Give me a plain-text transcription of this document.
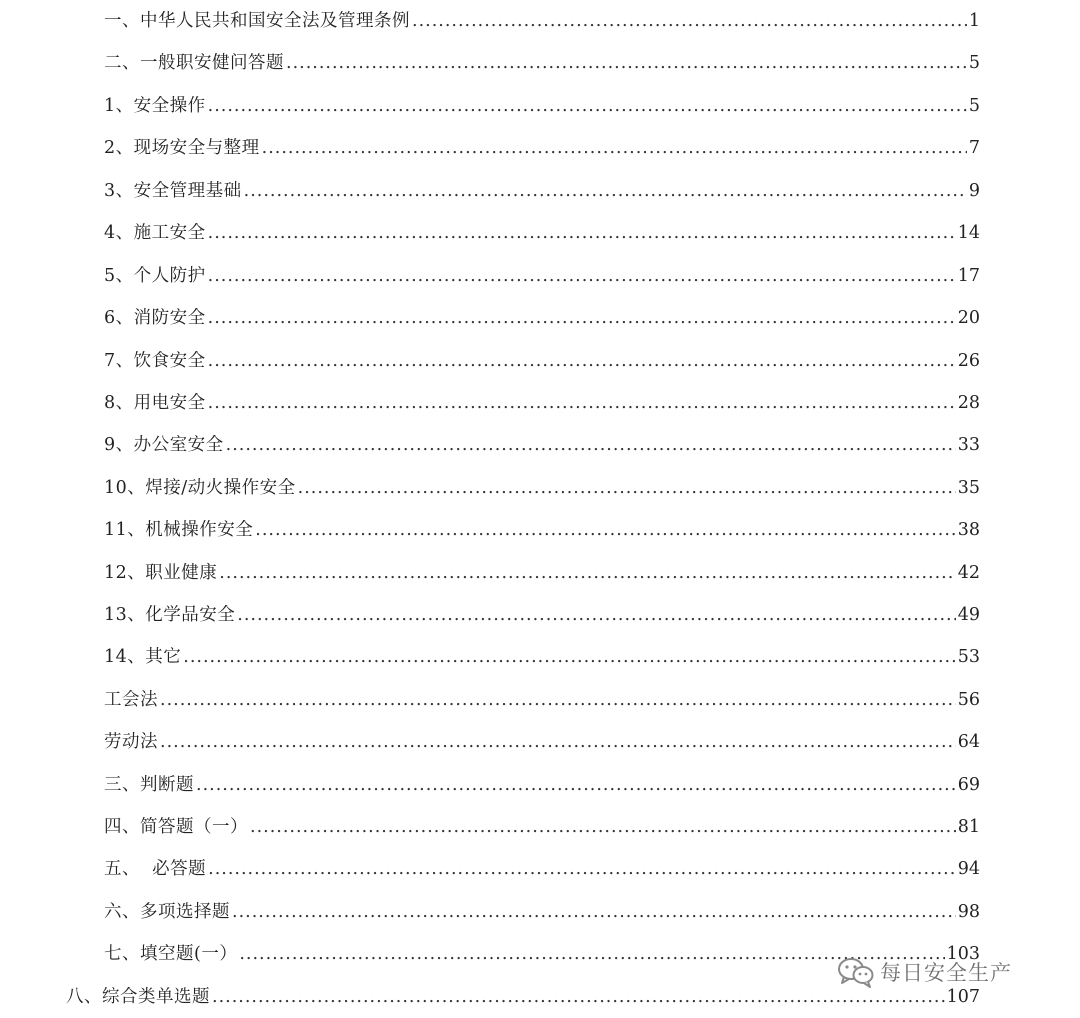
一、中华人民共和国安全法及管理条例 .....	1
二、一般职安健问答题 .....	5
1、安全操作 .....	5
2、现场安全与整理 .....	7
3、安全管理基础 .....	9
4、施工安全 .....	14
5、个人防护 .....	17
6、消防安全 .....	20
7、饮食安全 .....	26
8、用电安全 .....	28
9、办公室安全 .....	33
10、焊接/动火操作安全 .....	35
11、机械操作安全 .....	38
12、职业健康 .....	42
13、化学品安全 .....	49
14、其它 .....	53
工会法 .....	56
劳动法 .....	64
三、判断题 .....	69
四、简答题（一） .....	81
五、  必答题 .....	94
六、多项选择题 .....	98
七、填空题(一） .....	103
八、综合类单选题 .....	107
每日安全生产
